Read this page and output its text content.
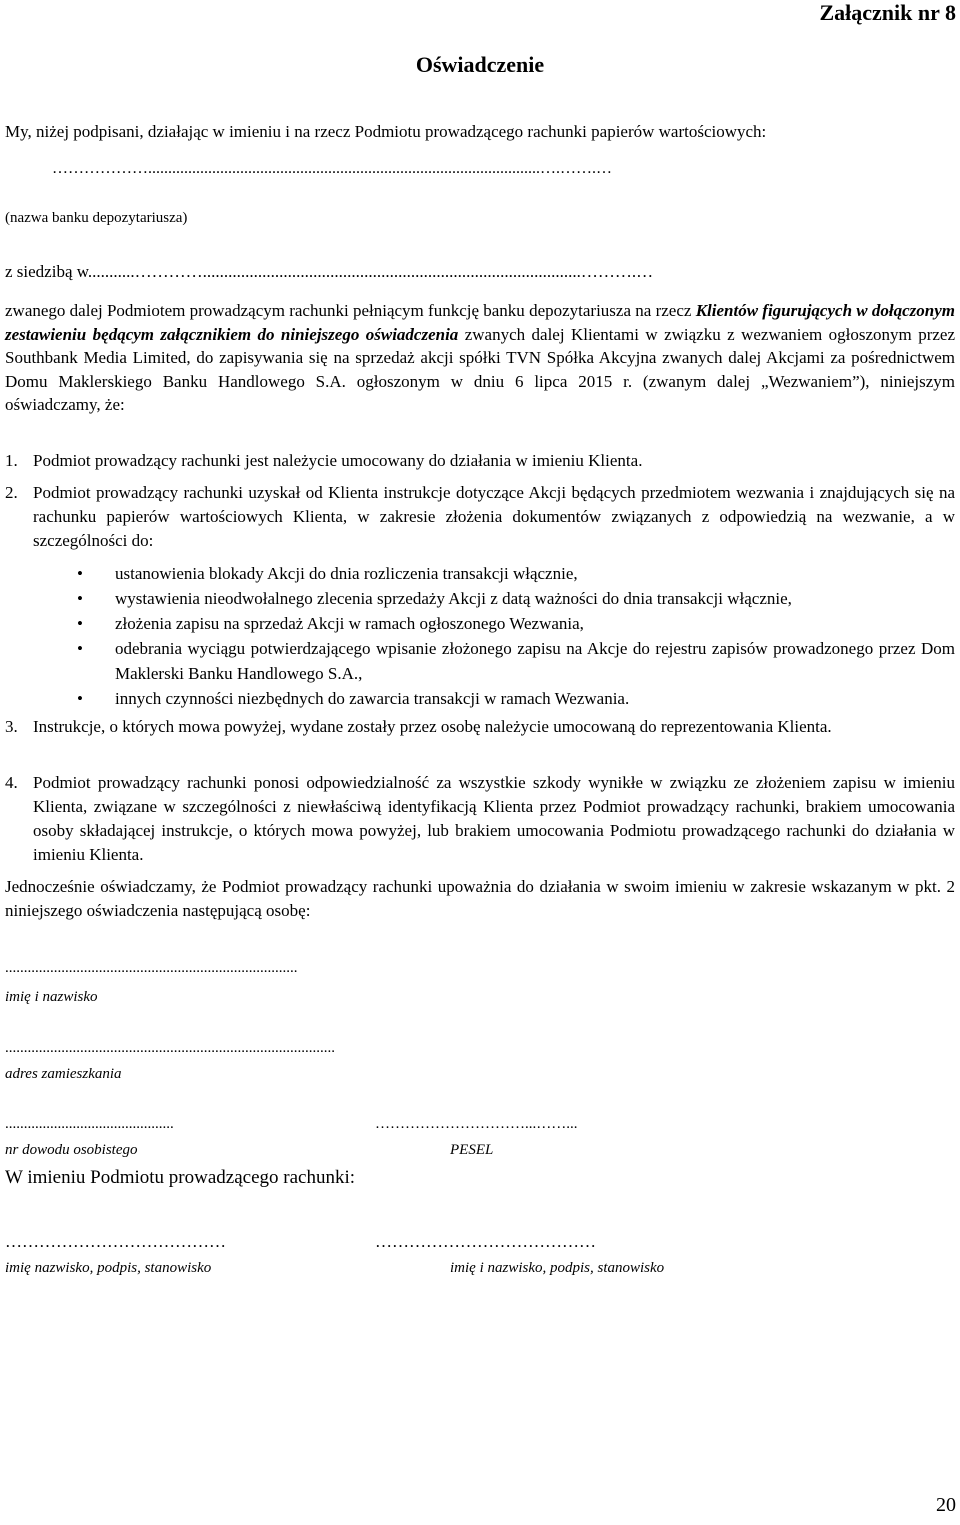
Załącznik nr 8
Oświadczenie
My, niżej podpisani, działając w imieniu i na rzecz Podmiotu prowadzącego rachunki papierów wartościowych:
………………..................................................................................................….…….…
(nazwa banku depozytariusza)
z siedzibą w...........………….........................................................................................……….…

zwanego dalej Podmiotem prowadzącym rachunki pełniącym funkcję banku depozytariusza na rzecz Klientów figurujących w dołączonym zestawieniu będącym załącznikiem do niniejszego oświadczenia zwanych dalej Klientami w związku z wezwaniem ogłoszonym przez Southbank Media Limited, do zapisywania się na sprzedaż akcji spółki TVN Spółka Akcyjna zwanych dalej Akcjami za pośrednictwem Domu Maklerskiego Banku Handlowego S.A. ogłoszonym w dniu 6 lipca 2015 r. (zwanym dalej „Wezwaniem”), niniejszym oświadczamy, że:

1. Podmiot prowadzący rachunki jest należycie umocowany do działania w imieniu Klienta.
2. Podmiot prowadzący rachunki uzyskał od Klienta instrukcje dotyczące Akcji będących przedmiotem wezwania i znajdujących się na rachunku papierów wartościowych Klienta, w zakresie złożenia dokumentów związanych z odpowiedzią na wezwanie, a w szczególności do:
• ustanowienia blokady Akcji do dnia rozliczenia transakcji włącznie,
• wystawienia nieodwołalnego zlecenia sprzedaży Akcji z datą ważności do dnia transakcji włącznie,
• złożenia zapisu na sprzedaż Akcji w ramach ogłoszonego Wezwania,
• odebrania wyciągu potwierdzającego wpisanie złożonego zapisu na Akcje do rejestru zapisów prowadzonego przez Dom Maklerski Banku Handlowego S.A.,
• innych czynności niezbędnych do zawarcia transakcji w ramach Wezwania.
3. Instrukcje, o których mowa powyżej, wydane zostały przez osobę należycie umocowaną do reprezentowania Klienta.
4. Podmiot prowadzący rachunki ponosi odpowiedzialność za wszystkie szkody wynikłe w związku ze złożeniem zapisu w imieniu Klienta, związane w szczególności z niewłaściwą identyfikacją Klienta przez Podmiot prowadzący rachunki, brakiem umocowania osoby składającej instrukcje, o których mowa powyżej, lub brakiem umocowania Podmiotu prowadzącego rachunki do działania w imieniu Klienta.

Jednocześnie oświadczamy, że Podmiot prowadzący rachunki upoważnia do działania w swoim imieniu w zakresie wskazanym w pkt. 2 niniejszego oświadczenia następującą osobę:

..............................................................................
imię i nazwisko
........................................................................................
adres zamieszkania
.............................................	…………………………...……...
nr dowodu osobistego	PESEL
W imieniu Podmiotu prowadzącego rachunki:
…………………………………	…………………………………
imię nazwisko, podpis, stanowisko	imię i nazwisko, podpis, stanowisko
20
